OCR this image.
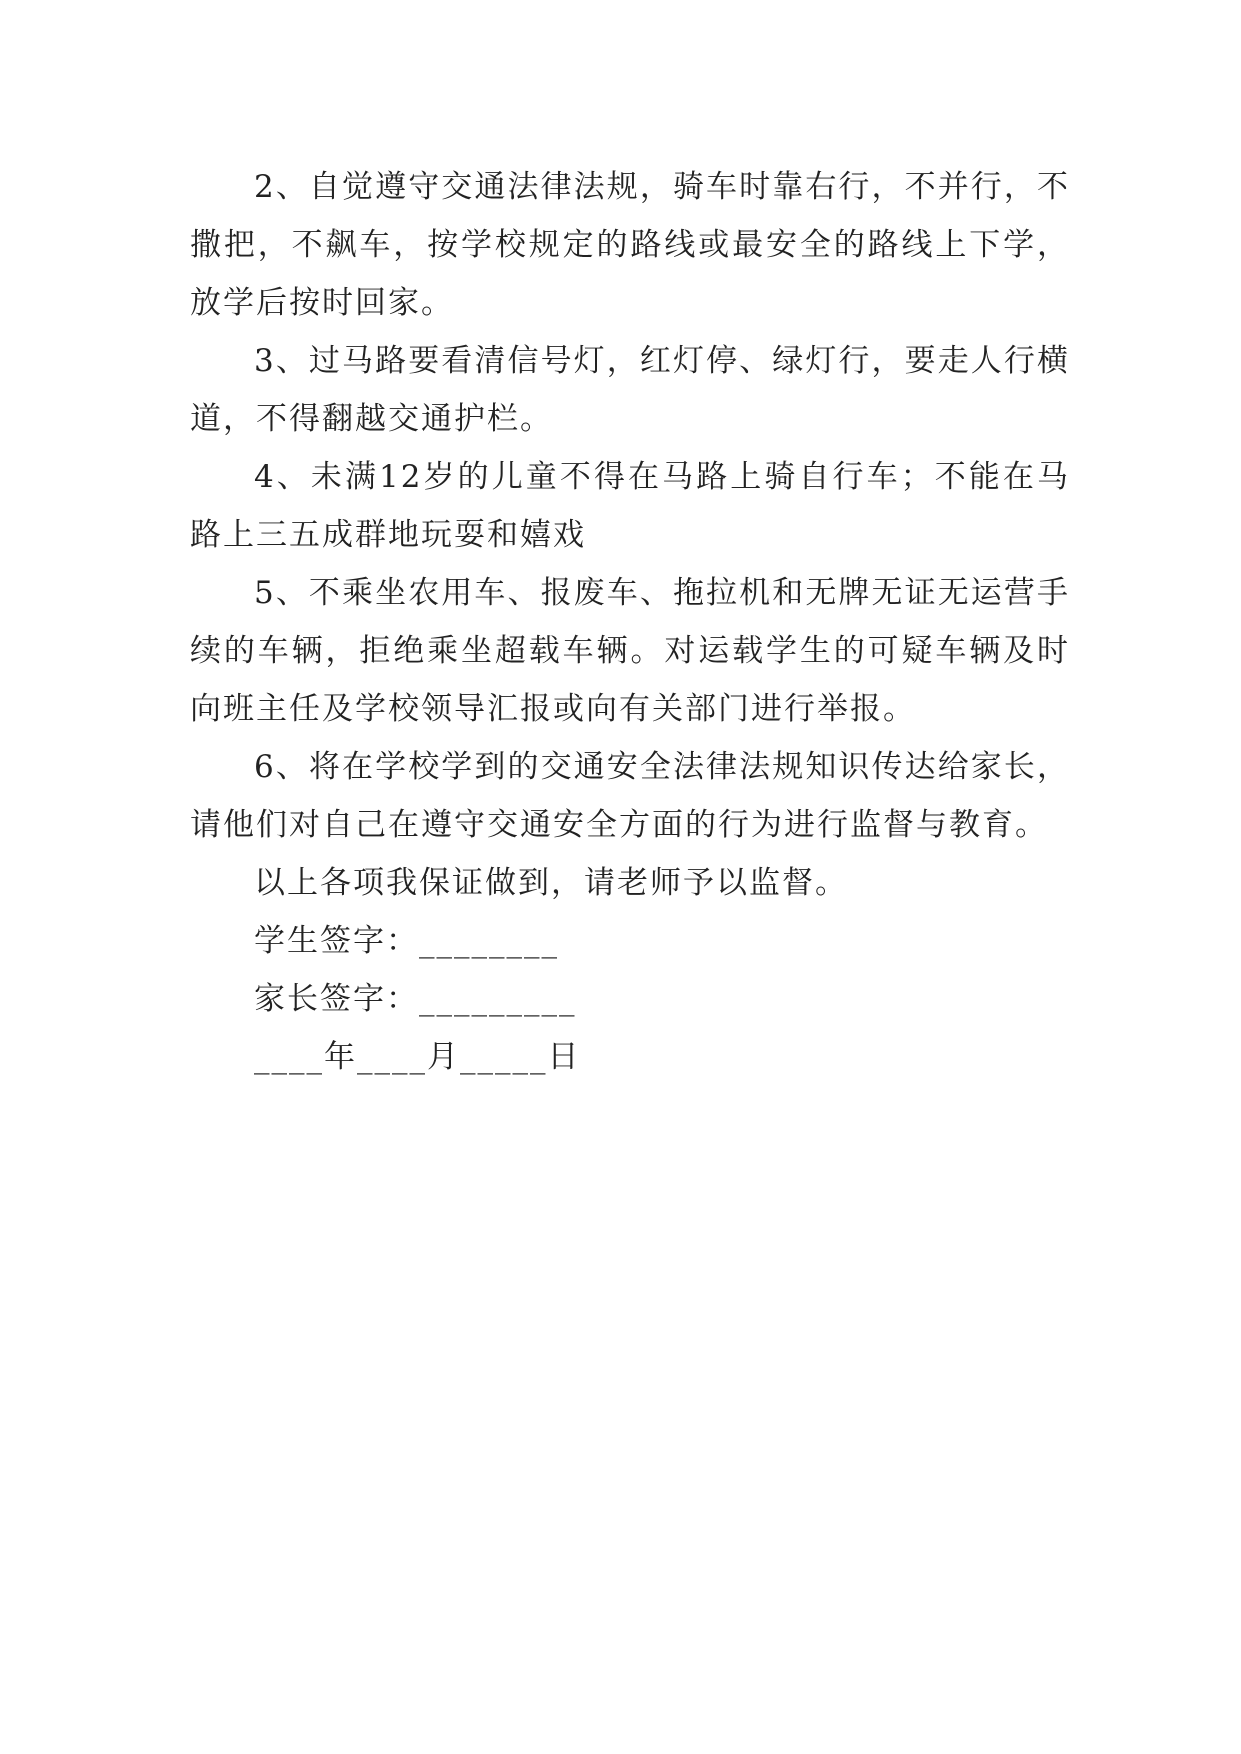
2、自觉遵守交通法律法规，骑车时靠右行，不并行，不撒把，不飙车，按学校规定的路线或最安全的路线上下学，放学后按时回家。

3、过马路要看清信号灯，红灯停、绿灯行，要走人行横道，不得翻越交通护栏。

4、未满12岁的儿童不得在马路上骑自行车；不能在马路上三五成群地玩耍和嬉戏

5、不乘坐农用车、报废车、拖拉机和无牌无证无运营手续的车辆，拒绝乘坐超载车辆。对运载学生的可疑车辆及时向班主任及学校领导汇报或向有关部门进行举报。

6、将在学校学到的交通安全法律法规知识传达给家长，请他们对自己在遵守交通安全方面的行为进行监督与教育。

以上各项我保证做到，请老师予以监督。

学生签字：________

家长签字：_________

____年____月_____日
